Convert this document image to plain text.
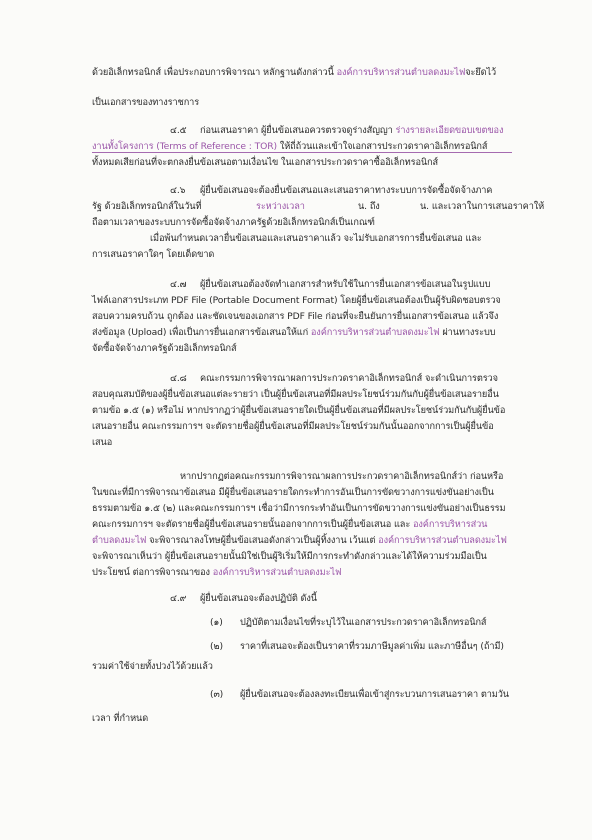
ด้วยอิเล็กทรอนิกส์ เพื่อประกอบการพิจารณา หลักฐานดังกล่าวนี้ องค์การบริหารส่วนตำบลดงมะไฟจะยึดไว้
เป็นเอกสารของทางราชการ
๔.๕ ก่อนเสนอราคา ผู้ยื่นข้อเสนอควรตรวจดูร่างสัญญา ร่างรายละเอียดขอบเขตของ
งานทั้งโครงการ (Terms of Reference : TOR) ให้ถี่ถ้วนและเข้าใจเอกสารประกวดราคาอิเล็กทรอนิกส์
ทั้งหมดเสียก่อนที่จะตกลงยื่นข้อเสนอตามเงื่อนไข ในเอกสารประกวดราคาซื้ออิเล็กทรอนิกส์
๔.๖ ผู้ยื่นข้อเสนอจะต้องยื่นข้อเสนอและเสนอราคาทางระบบการจัดซื้อจัดจ้างภาค
รัฐ ด้วยอิเล็กทรอนิกส์ในวันที่	ระหว่างเวลา	น. ถึง	น. และเวลาในการเสนอราคาให้
ถือตามเวลาของระบบการจัดซื้อจัดจ้างภาครัฐด้วยอิเล็กทรอนิกส์เป็นเกณฑ์
เมื่อพ้นกำหนดเวลายื่นข้อเสนอและเสนอราคาแล้ว จะไม่รับเอกสารการยื่นข้อเสนอ และ
การเสนอราคาใดๆ โดยเด็ดขาด
๔.๗ ผู้ยื่นข้อเสนอต้องจัดทำเอกสารสำหรับใช้ในการยื่นเอกสารข้อเสนอในรูปแบบ
ไฟล์เอกสารประเภท PDF File (Portable Document Format) โดยผู้ยื่นข้อเสนอต้องเป็นผู้รับผิดชอบตรวจ
สอบความครบถ้วน ถูกต้อง และชัดเจนของเอกสาร PDF File ก่อนที่จะยืนยันการยื่นเอกสารข้อเสนอ แล้วจึง
ส่งข้อมูล (Upload) เพื่อเป็นการยื่นเอกสารข้อเสนอให้แก่ องค์การบริหารส่วนตำบลดงมะไฟ ผ่านทางระบบ
จัดซื้อจัดจ้างภาครัฐด้วยอิเล็กทรอนิกส์
๔.๘ คณะกรรมการพิจารณาผลการประกวดราคาอิเล็กทรอนิกส์ จะดำเนินการตรวจ
สอบคุณสมบัติของผู้ยื่นข้อเสนอแต่ละรายว่า เป็นผู้ยื่นข้อเสนอที่มีผลประโยชน์ร่วมกันกับผู้ยื่นข้อเสนอรายอื่น
ตามข้อ ๑.๕ (๑) หรือไม่ หากปรากฏว่าผู้ยื่นข้อเสนอรายใดเป็นผู้ยื่นข้อเสนอที่มีผลประโยชน์ร่วมกันกับผู้ยื่นข้อ
เสนอรายอื่น คณะกรรมการฯ จะตัดรายชื่อผู้ยื่นข้อเสนอที่มีผลประโยชน์ร่วมกันนั้นออกจากการเป็นผู้ยื่นข้อ
เสนอ
หากปรากฏต่อคณะกรรมการพิจารณาผลการประกวดราคาอิเล็กทรอนิกส์ว่า ก่อนหรือ
ในขณะที่มีการพิจารณาข้อเสนอ มีผู้ยื่นข้อเสนอรายใดกระทำการอันเป็นการขัดขวางการแข่งขันอย่างเป็น
ธรรมตามข้อ ๑.๕ (๒) และคณะกรรมการฯ เชื่อว่ามีการกระทำอันเป็นการขัดขวางการแข่งขันอย่างเป็นธรรม
คณะกรรมการฯ จะตัดรายชื่อผู้ยื่นข้อเสนอรายนั้นออกจากการเป็นผู้ยื่นข้อเสนอ และ องค์การบริหารส่วน
ตำบลดงมะไฟ จะพิจารณาลงโทษผู้ยื่นข้อเสนอดังกล่าวเป็นผู้ทิ้งงาน เว้นแต่ องค์การบริหารส่วนตำบลดงมะไฟ
จะพิจารณาเห็นว่า ผู้ยื่นข้อเสนอรายนั้นมิใช่เป็นผู้ริเริ่มให้มีการกระทำดังกล่าวและได้ให้ความร่วมมือเป็น
ประโยชน์ ต่อการพิจารณาของ องค์การบริหารส่วนตำบลดงมะไฟ
๔.๙ ผู้ยื่นข้อเสนอจะต้องปฏิบัติ ดังนี้
(๑) ปฏิบัติตามเงื่อนไขที่ระบุไว้ในเอกสารประกวดราคาอิเล็กทรอนิกส์
(๒) ราคาที่เสนอจะต้องเป็นราคาที่รวมภาษีมูลค่าเพิ่ม และภาษีอื่นๆ (ถ้ามี)
รวมค่าใช้จ่ายทั้งปวงไว้ด้วยแล้ว
(๓) ผู้ยื่นข้อเสนอจะต้องลงทะเบียนเพื่อเข้าสู่กระบวนการเสนอราคา ตามวัน
เวลา ที่กำหนด
